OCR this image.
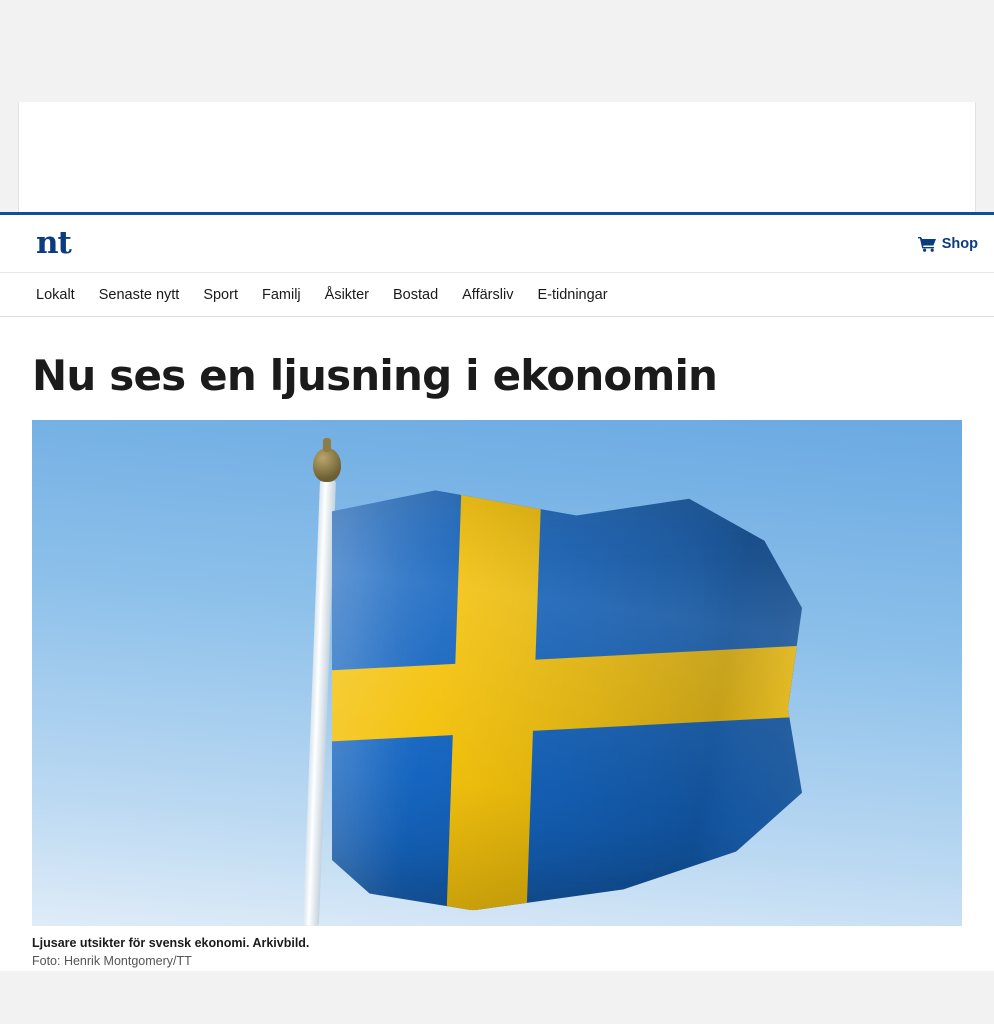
nt	Shop
Lokalt	Senaste nytt	Sport	Familj	Åsikter	Bostad	Affärsliv	E-tidningar
Nu ses en ljusning i ekonomin
Ljusare utsikter för svensk ekonomi. Arkivbild.
Foto: Henrik Montgomery/TT
